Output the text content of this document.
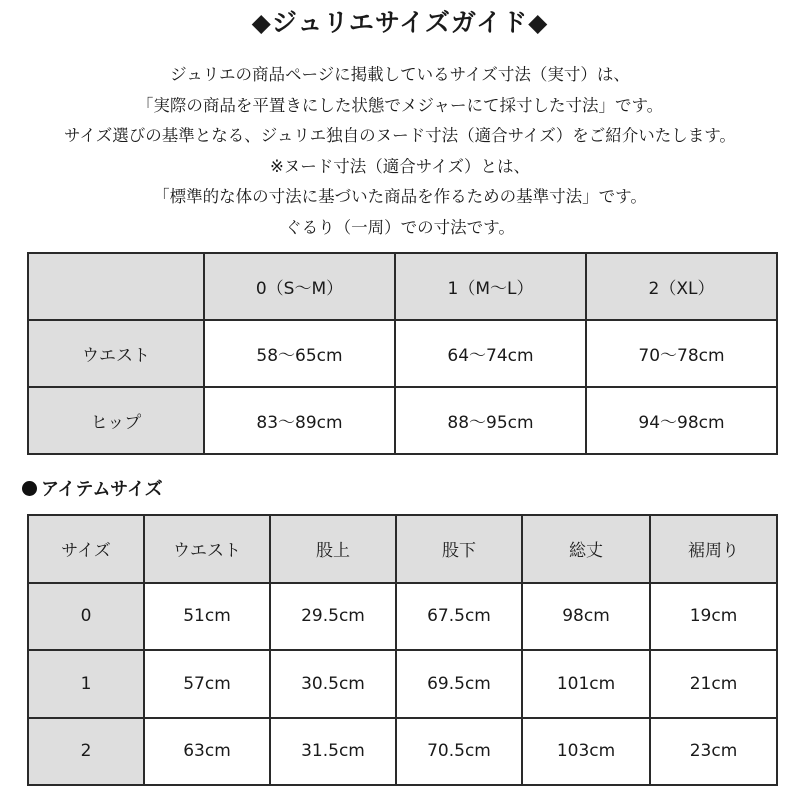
◆ジュリエサイズガイド◆

ジュリエの商品ページに掲載しているサイズ寸法（実寸）は、

「実際の商品を平置きにした状態でメジャーにて採寸した寸法」です。

サイズ選びの基準となる、ジュリエ独自のヌード寸法（適合サイズ）をご紹介いたします。

※ヌード寸法（適合サイズ）とは、

「標準的な体の寸法に基づいた商品を作るための基準寸法」です。

ぐるり（一周）での寸法です。

	0（S〜M）	1（M〜L）	2（XL）
ウエスト	58〜65cm	64〜74cm	70〜78cm
ヒップ	83〜89cm	88〜95cm	94〜98cm
アイテムサイズ
サイズ	ウエスト	股上	股下	総丈	裾周り
0	51cm	29.5cm	67.5cm	98cm	19cm
1	57cm	30.5cm	69.5cm	101cm	21cm
2	63cm	31.5cm	70.5cm	103cm	23cm
